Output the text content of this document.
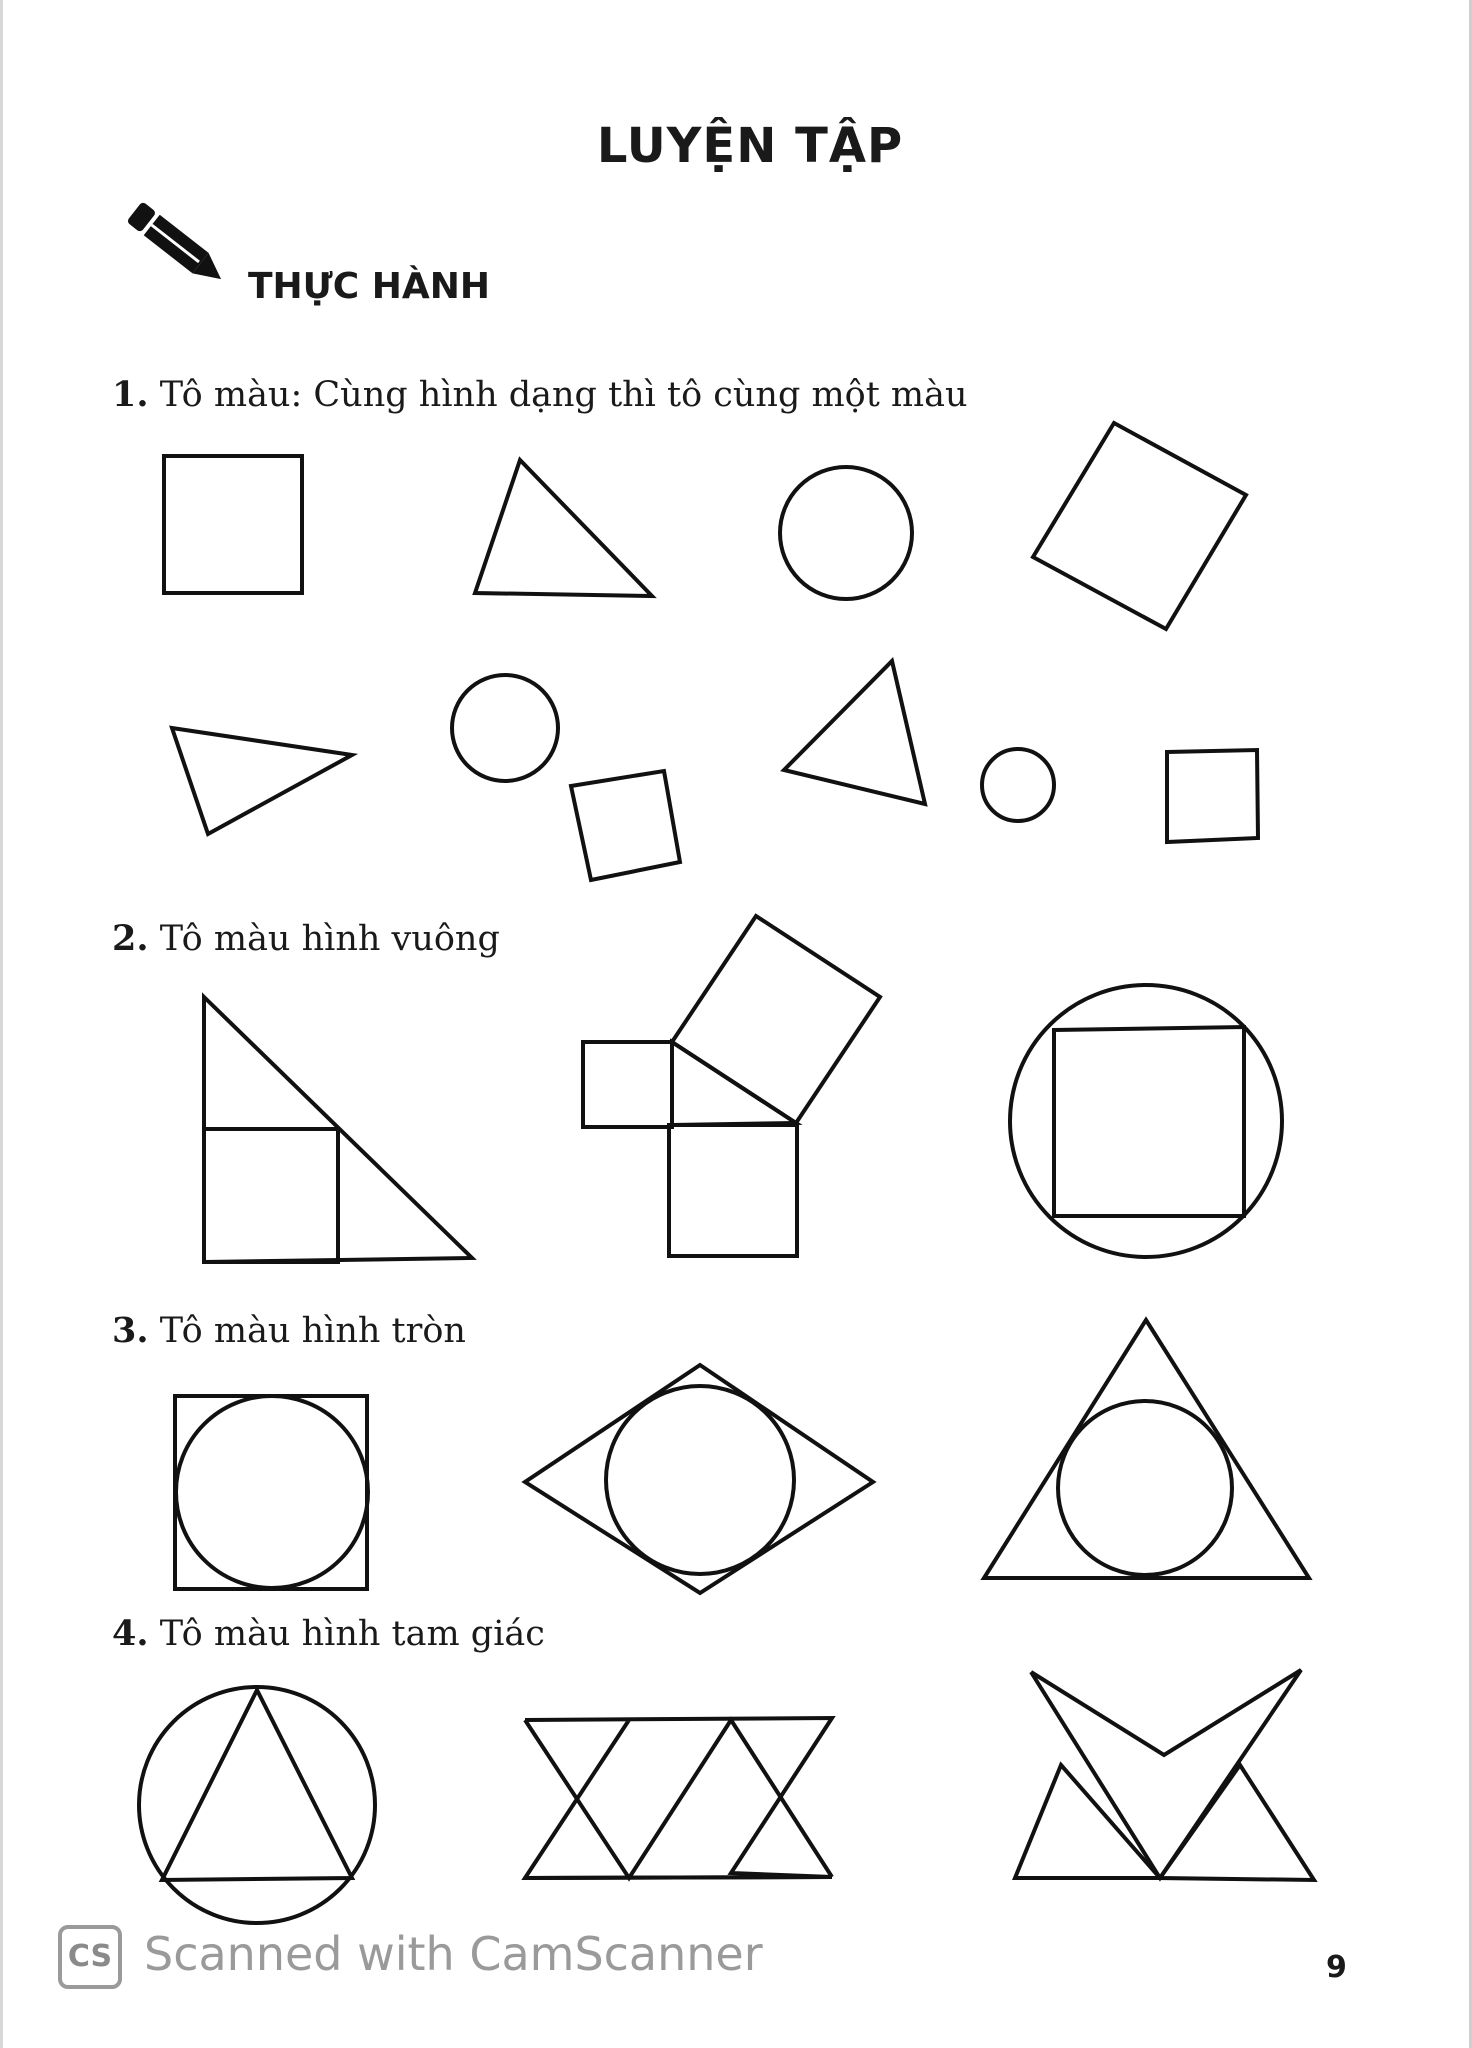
LUYỆN TẬP
THỰC HÀNH
1. Tô màu: Cùng hình dạng thì tô cùng một màu
2. Tô màu hình vuông
3. Tô màu hình tròn
4. Tô màu hình tam giác
CS Scanned with CamScanner	9
